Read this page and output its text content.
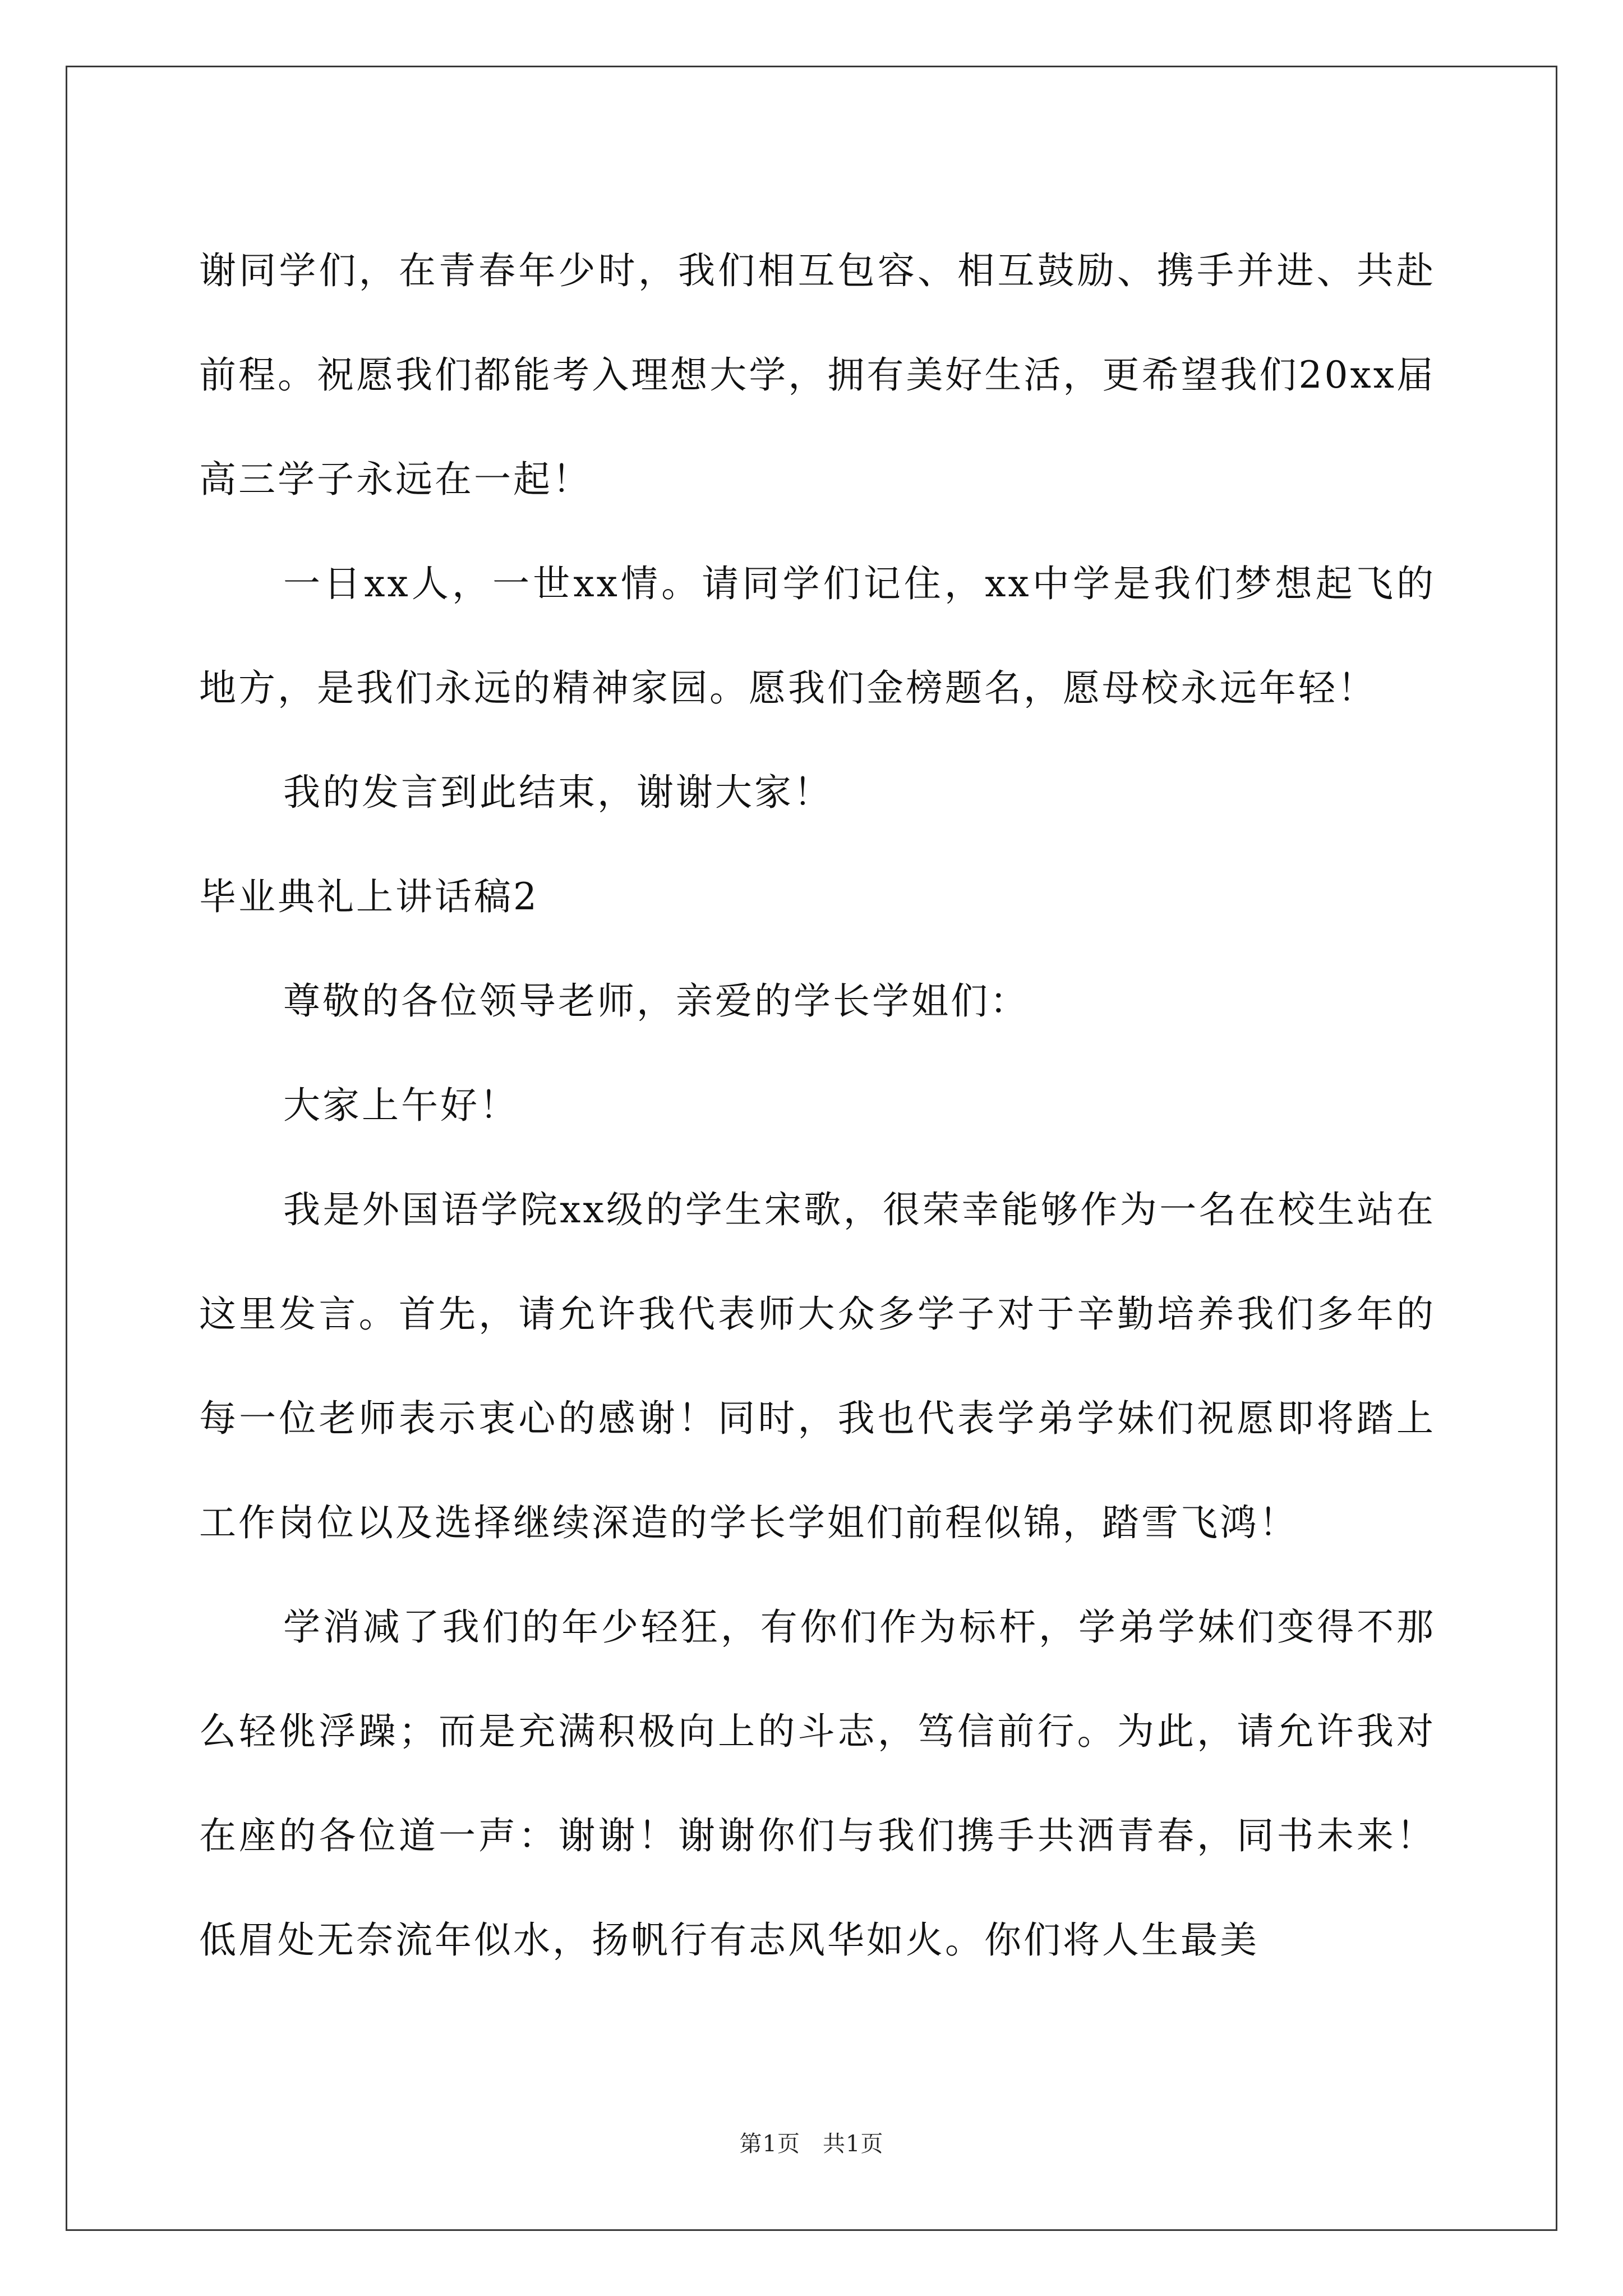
谢同学们，在青春年少时，我们相互包容、相互鼓励、携手并进、共赴前程。祝愿我们都能考入理想大学，拥有美好生活，更希望我们20xx届高三学子永远在一起！

一日xx人，一世xx情。请同学们记住，xx中学是我们梦想起飞的地方，是我们永远的精神家园。愿我们金榜题名，愿母校永远年轻！

我的发言到此结束，谢谢大家！

毕业典礼上讲话稿2

尊敬的各位领导老师，亲爱的学长学姐们：

大家上午好！

我是外国语学院xx级的学生宋歌，很荣幸能够作为一名在校生站在这里发言。首先，请允许我代表师大众多学子对于辛勤培养我们多年的每一位老师表示衷心的感谢！同时，我也代表学弟学妹们祝愿即将踏上工作岗位以及选择继续深造的学长学姐们前程似锦，踏雪飞鸿！

学消减了我们的年少轻狂，有你们作为标杆，学弟学妹们变得不那么轻佻浮躁；而是充满积极向上的斗志，笃信前行。为此，请允许我对在座的各位道一声：谢谢！谢谢你们与我们携手共洒青春，同书未来！ 低眉处无奈流年似水，扬帆行有志风华如火。你们将人生最美

第1页 共1页
